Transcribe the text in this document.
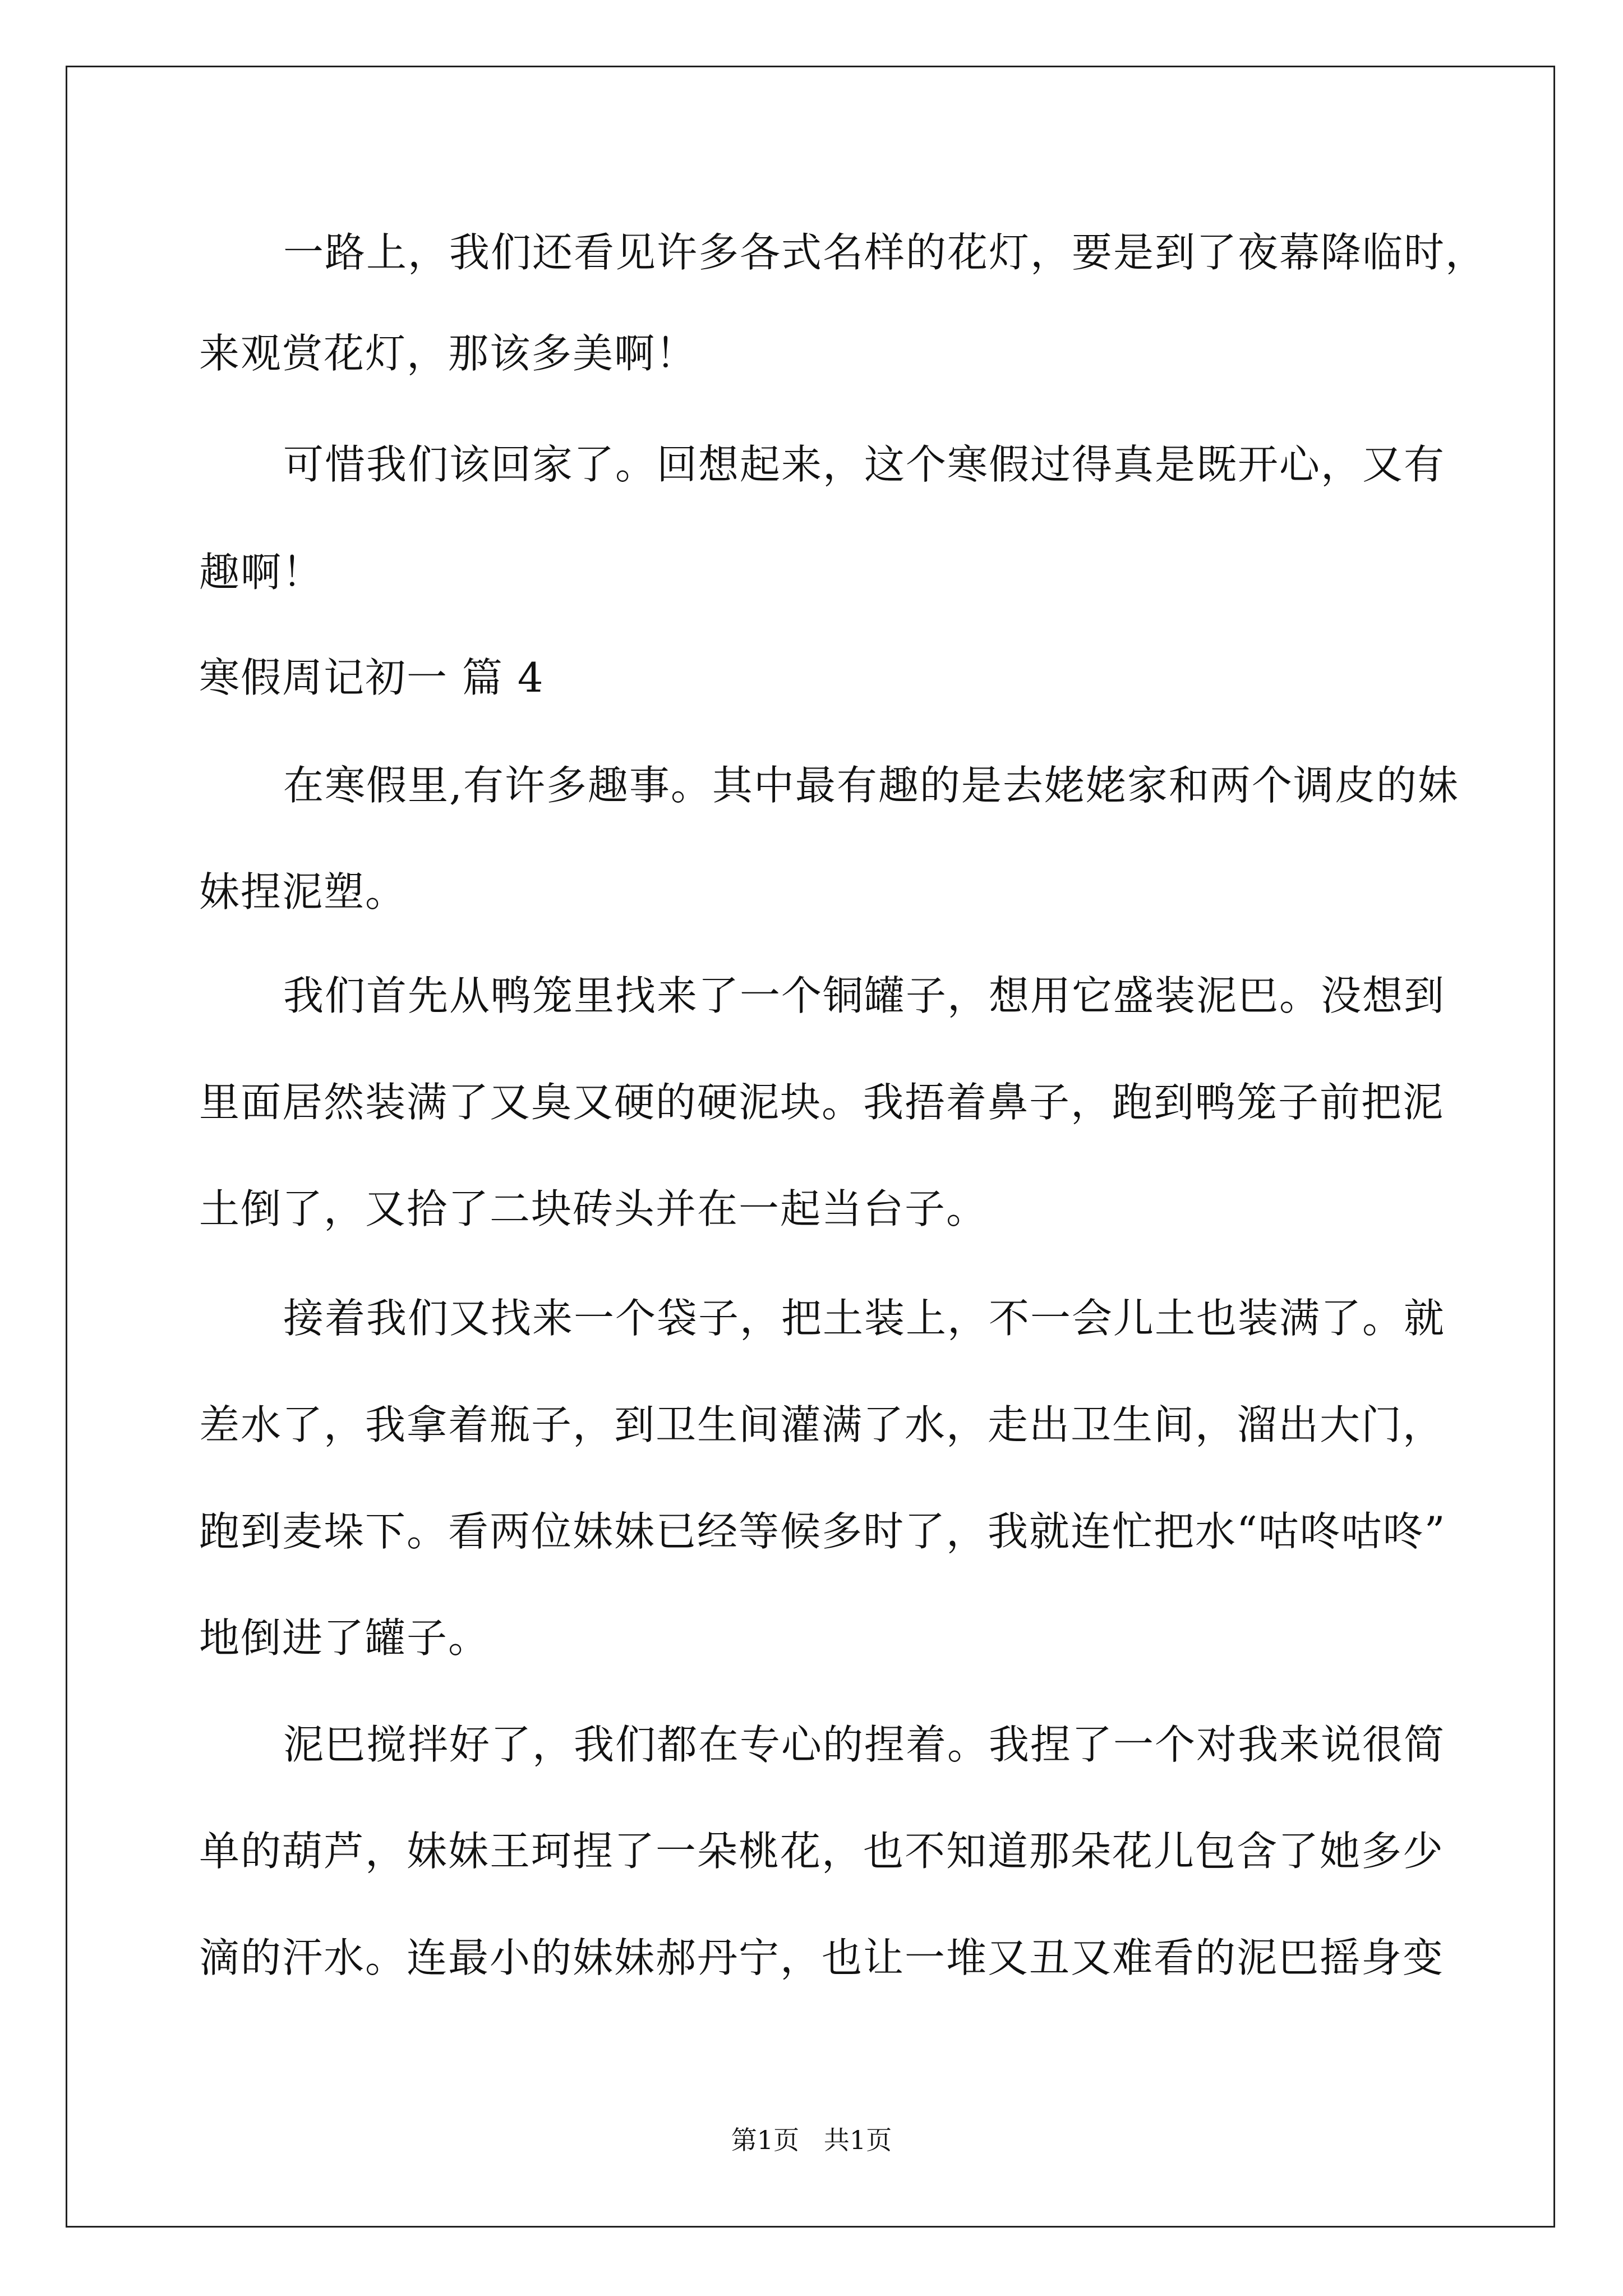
一路上，我们还看见许多各式名样的花灯，要是到了夜幕降临时，
来观赏花灯，那该多美啊！
可惜我们该回家了。回想起来，这个寒假过得真是既开心，又有
趣啊！
寒假周记初一 篇 4
在寒假里,有许多趣事。其中最有趣的是去姥姥家和两个调皮的妹
妹捏泥塑。
我们首先从鸭笼里找来了一个铜罐子，想用它盛装泥巴。没想到
里面居然装满了又臭又硬的硬泥块。我捂着鼻子，跑到鸭笼子前把泥
土倒了，又拾了二块砖头并在一起当台子。
接着我们又找来一个袋子，把土装上，不一会儿土也装满了。就
差水了，我拿着瓶子，到卫生间灌满了水，走出卫生间，溜出大门，
跑到麦垛下。看两位妹妹已经等候多时了，我就连忙把水“咕咚咕咚”
地倒进了罐子。
泥巴搅拌好了，我们都在专心的捏着。我捏了一个对我来说很简
单的葫芦，妹妹王珂捏了一朵桃花，也不知道那朵花儿包含了她多少
滴的汗水。连最小的妹妹郝丹宁，也让一堆又丑又难看的泥巴摇身变
第1页   共1页
